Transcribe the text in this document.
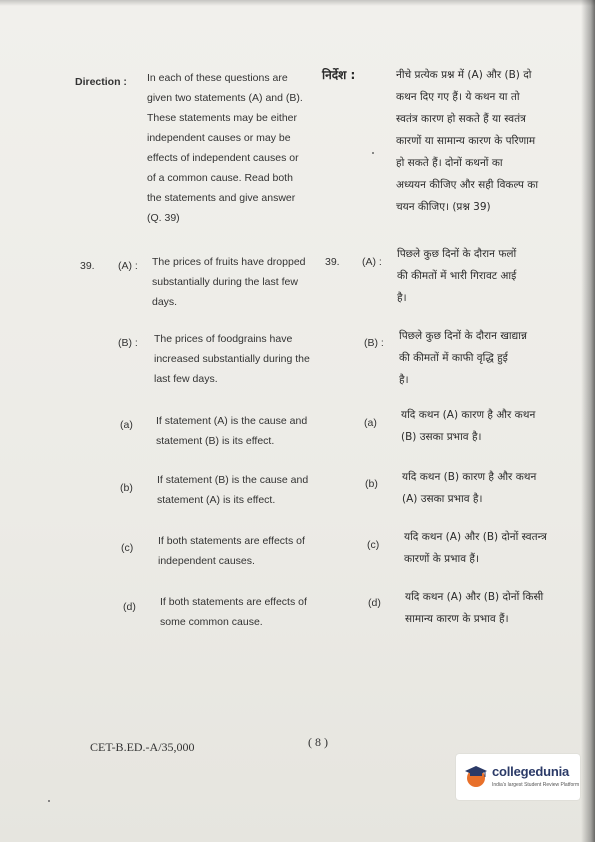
Direction : In each of these questions are
given two statements (A) and (B).
These statements may be either
independent causes or may be
effects of independent causes or
of a common cause. Read both
the statements and give answer
(Q. 39)
निर्देश :	नीचे प्रत्येक प्रश्न में (A) और (B) दो
कथन दिए गए हैं। ये कथन या तो
स्वतंत्र कारण हो सकते हैं या स्वतंत्र
कारणों या सामान्य कारण के परिणाम
हो सकते हैं। दोनों कथनों का
अध्ययन कीजिए और सही विकल्प का
चयन कीजिए। (प्रश्न 39)
39.	39.
(A) : The prices of fruits have dropped
substantially during the last few
days.
(A) :
पिछले कुछ दिनों के दौरान फलों
की कीमतों में भारी गिरावट आई
है।
(B) : The prices of foodgrains have
increased substantially during the
last few days.
(B) :
पिछले कुछ दिनों के दौरान खाद्यान्न
की कीमतों में काफी वृद्धि हुई
है।
(a) If statement (A) is the cause and
statement (B) is its effect.
(a)
यदि कथन (A) कारण है और कथन
(B) उसका प्रभाव है।
(b)
If statement (B) is the cause and
statement (A) is its effect.
(b)
यदि कथन (B) कारण है और कथन
(A) उसका प्रभाव है।
(c)
If both statements are effects of
independent causes.
(c)
यदि कथन (A) और (B) दोनों स्वतन्त्र
कारणों के प्रभाव हैं।
(d) If both statements are effects of
some common cause.
(d) यदि कथन (A) और (B) दोनों किसी
सामान्य कारण के प्रभाव हैं।
CET-B.ED.-A/35,000	( 8 )
collegedunia
India's largest Student Review Platform
